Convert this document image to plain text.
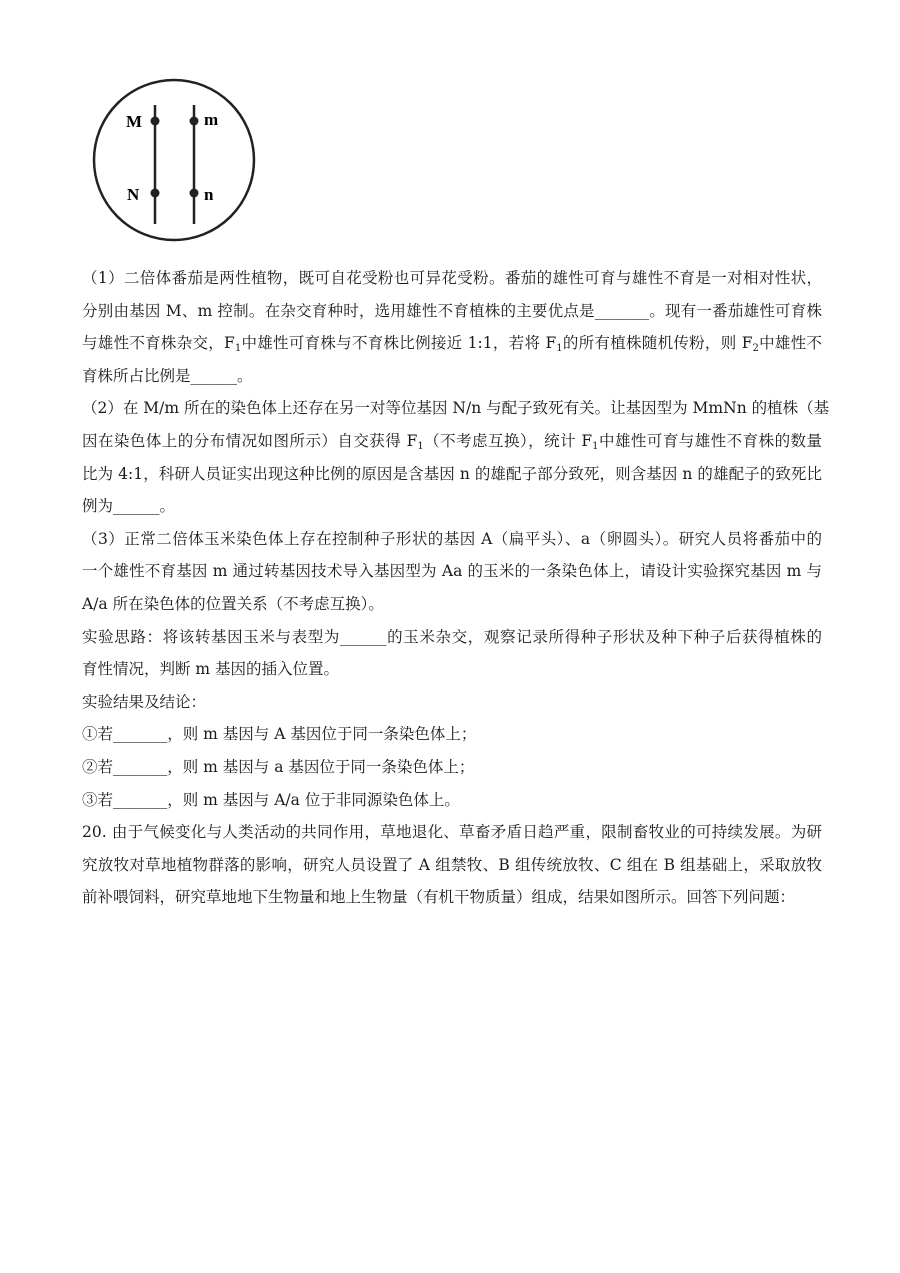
M	m
N	n
（1）二倍体番茄是两性植物，既可自花受粉也可异花受粉。番茄的雄性可育与雄性不育是一对相对性状，
分别由基因 M、m 控制。在杂交育种时，选用雄性不育植株的主要优点是_______。现有一番茄雄性可育株
与雄性不育株杂交，$F_1$中雄性可育株与不育株比例接近 1:1，若将 $F_1$的所有植株随机传粉，则 $F_2$中雄性不
育株所占比例是______。
（2）在 M/m 所在的染色体上还存在另一对等位基因 N/n 与配子致死有关。让基因型为 MmNn 的植株（基
因在染色体上的分布情况如图所示）自交获得 $F_1$（不考虑互换），统计 $F_1$中雄性可育与雄性不育株的数量
比为 4:1，科研人员证实出现这种比例的原因是含基因 n 的雄配子部分致死，则含基因 n 的雄配子的致死比
例为______。
（3）正常二倍体玉米染色体上存在控制种子形状的基因 A（扁平头）、a（卵圆头）。研究人员将番茄中的
一个雄性不育基因 m 通过转基因技术导入基因型为 Aa 的玉米的一条染色体上，请设计实验探究基因 m 与
A/a 所在染色体的位置关系（不考虑互换）。
实验思路：将该转基因玉米与表型为______的玉米杂交，观察记录所得种子形状及种下种子后获得植株的
育性情况，判断 m 基因的插入位置。
实验结果及结论：
①若_______，则 m 基因与 A 基因位于同一条染色体上；
②若_______，则 m 基因与 a 基因位于同一条染色体上；
③若_______，则 m 基因与 A/a 位于非同源染色体上。
20. 由于气候变化与人类活动的共同作用，草地退化、草畜矛盾日趋严重，限制畜牧业的可持续发展。为研
究放牧对草地植物群落的影响，研究人员设置了 A 组禁牧、B 组传统放牧、C 组在 B 组基础上，采取放牧
前补喂饲料，研究草地地下生物量和地上生物量（有机干物质量）组成，结果如图所示。回答下列问题：
